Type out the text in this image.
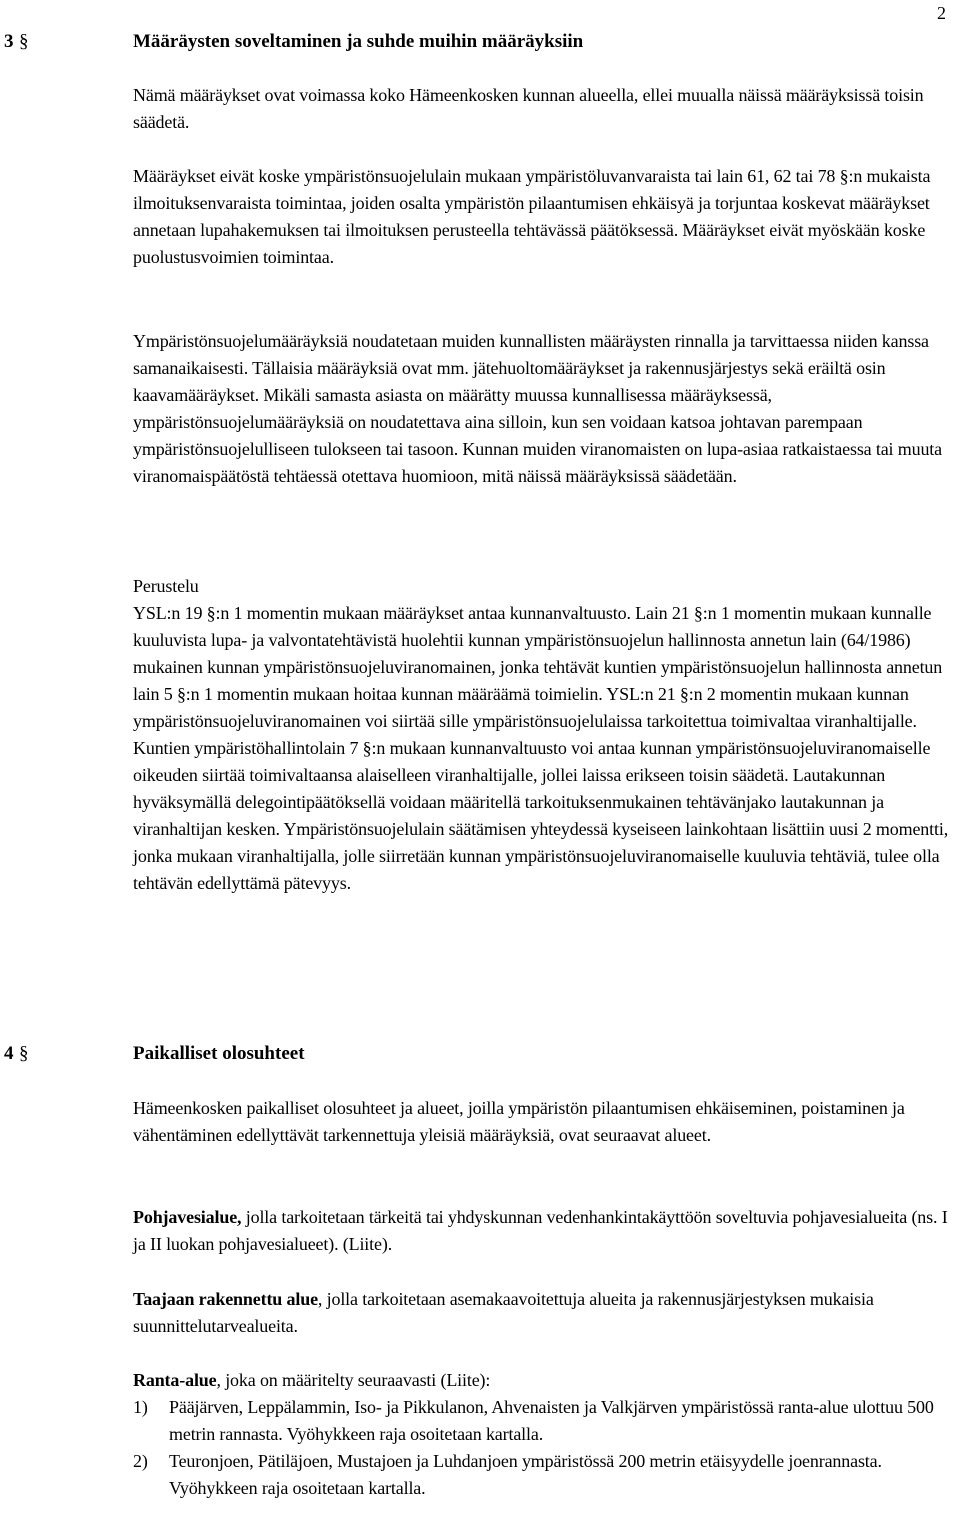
2
3 §	Määräysten soveltaminen ja suhde muihin määräyksiin

Nämä määräykset ovat voimassa koko Hämeenkosken kunnan alueella, ellei muualla näissä määräyksissä toisin säädetä.

Määräykset eivät koske ympäristönsuojelulain mukaan ympäristöluvanvaraista tai lain 61, 62 tai 78 §:n mukaista ilmoituksenvaraista toimintaa, joiden osalta ympäristön pilaantumisen ehkäisyä ja torjuntaa koskevat määräykset annetaan lupahakemuksen tai ilmoituksen perusteella tehtävässä päätöksessä. Määräykset eivät myöskään koske puolustusvoimien toimintaa.

Ympäristönsuojelumääräyksiä noudatetaan muiden kunnallisten määräysten rinnalla ja tarvittaessa niiden kanssa samanaikaisesti. Tällaisia määräyksiä ovat mm. jätehuoltomääräykset ja rakennusjärjestys sekä eräiltä osin kaavamääräykset. Mikäli samasta asiasta on määrätty muussa kunnallisessa määräyksessä, ympäristönsuojelumääräyksiä on noudatettava aina silloin, kun sen voidaan katsoa johtavan parempaan ympäristönsuojelulliseen tulokseen tai tasoon. Kunnan muiden viranomaisten on lupa-asiaa ratkaistaessa tai muuta viranomaispäätöstä tehtäessä otettava huomioon, mitä näissä määräyksissä säädetään.

Perustelu

YSL:n 19 §:n 1 momentin mukaan määräykset antaa kunnanvaltuusto. Lain 21 §:n 1 momentin mukaan kunnalle kuuluvista lupa- ja valvontatehtävistä huolehtii kunnan ympäristönsuojelun hallinnosta annetun lain (64/1986) mukainen kunnan ympäristönsuojeluviranomainen, jonka tehtävät kuntien ympäristönsuojelun hallinnosta annetun lain 5 §:n 1 momentin mukaan hoitaa kunnan määräämä toimielin. YSL:n 21 §:n 2 momentin mukaan kunnan ympäristönsuojeluviranomainen voi siirtää sille ympäristönsuojelulaissa tarkoitettua toimivaltaa viranhaltijalle. Kuntien ympäristöhallintolain 7 §:n mukaan kunnanvaltuusto voi antaa kunnan ympäristönsuojeluviranomaiselle oikeuden siirtää toimivaltaansa alaiselleen viranhaltijalle, jollei laissa erikseen toisin säädetä. Lautakunnan hyväksymällä delegointipäätöksellä voidaan määritellä tarkoituksenmukainen tehtävänjako lautakunnan ja viranhaltijan kesken. Ympäristönsuojelulain säätämisen yhteydessä kyseiseen lainkohtaan lisättiin uusi 2 momentti, jonka mukaan viranhaltijalla, jolle siirretään kunnan ympäristönsuojeluviranomaiselle kuuluvia tehtäviä, tulee olla tehtävän edellyttämä pätevyys.

4 §	Paikalliset olosuhteet

Hämeenkosken paikalliset olosuhteet ja alueet, joilla ympäristön pilaantumisen ehkäiseminen, poistaminen ja vähentäminen edellyttävät tarkennettuja yleisiä määräyksiä, ovat seuraavat alueet.

Pohjavesialue, jolla tarkoitetaan tärkeitä tai yhdyskunnan vedenhankintakäyttöön soveltuvia pohjavesialueita (ns. I ja II luokan pohjavesialueet). (Liite).

Taajaan rakennettu alue, jolla tarkoitetaan asemakaavoitettuja alueita ja rakennusjärjestyksen mukaisia suunnittelutarvealueita.

Ranta-alue, joka on määritelty seuraavasti (Liite):

1) Pääjärven, Leppälammin, Iso- ja Pikkulanon, Ahvenaisten ja Valkjärven ympäristössä ranta-alue ulottuu 500 metrin rannasta. Vyöhykkeen raja osoitetaan kartalla.
2) Teuronjoen, Pätiläjoen, Mustajoen ja Luhdanjoen ympäristössä 200 metrin etäisyydelle joenrannasta. Vyöhykkeen raja osoitetaan kartalla.
